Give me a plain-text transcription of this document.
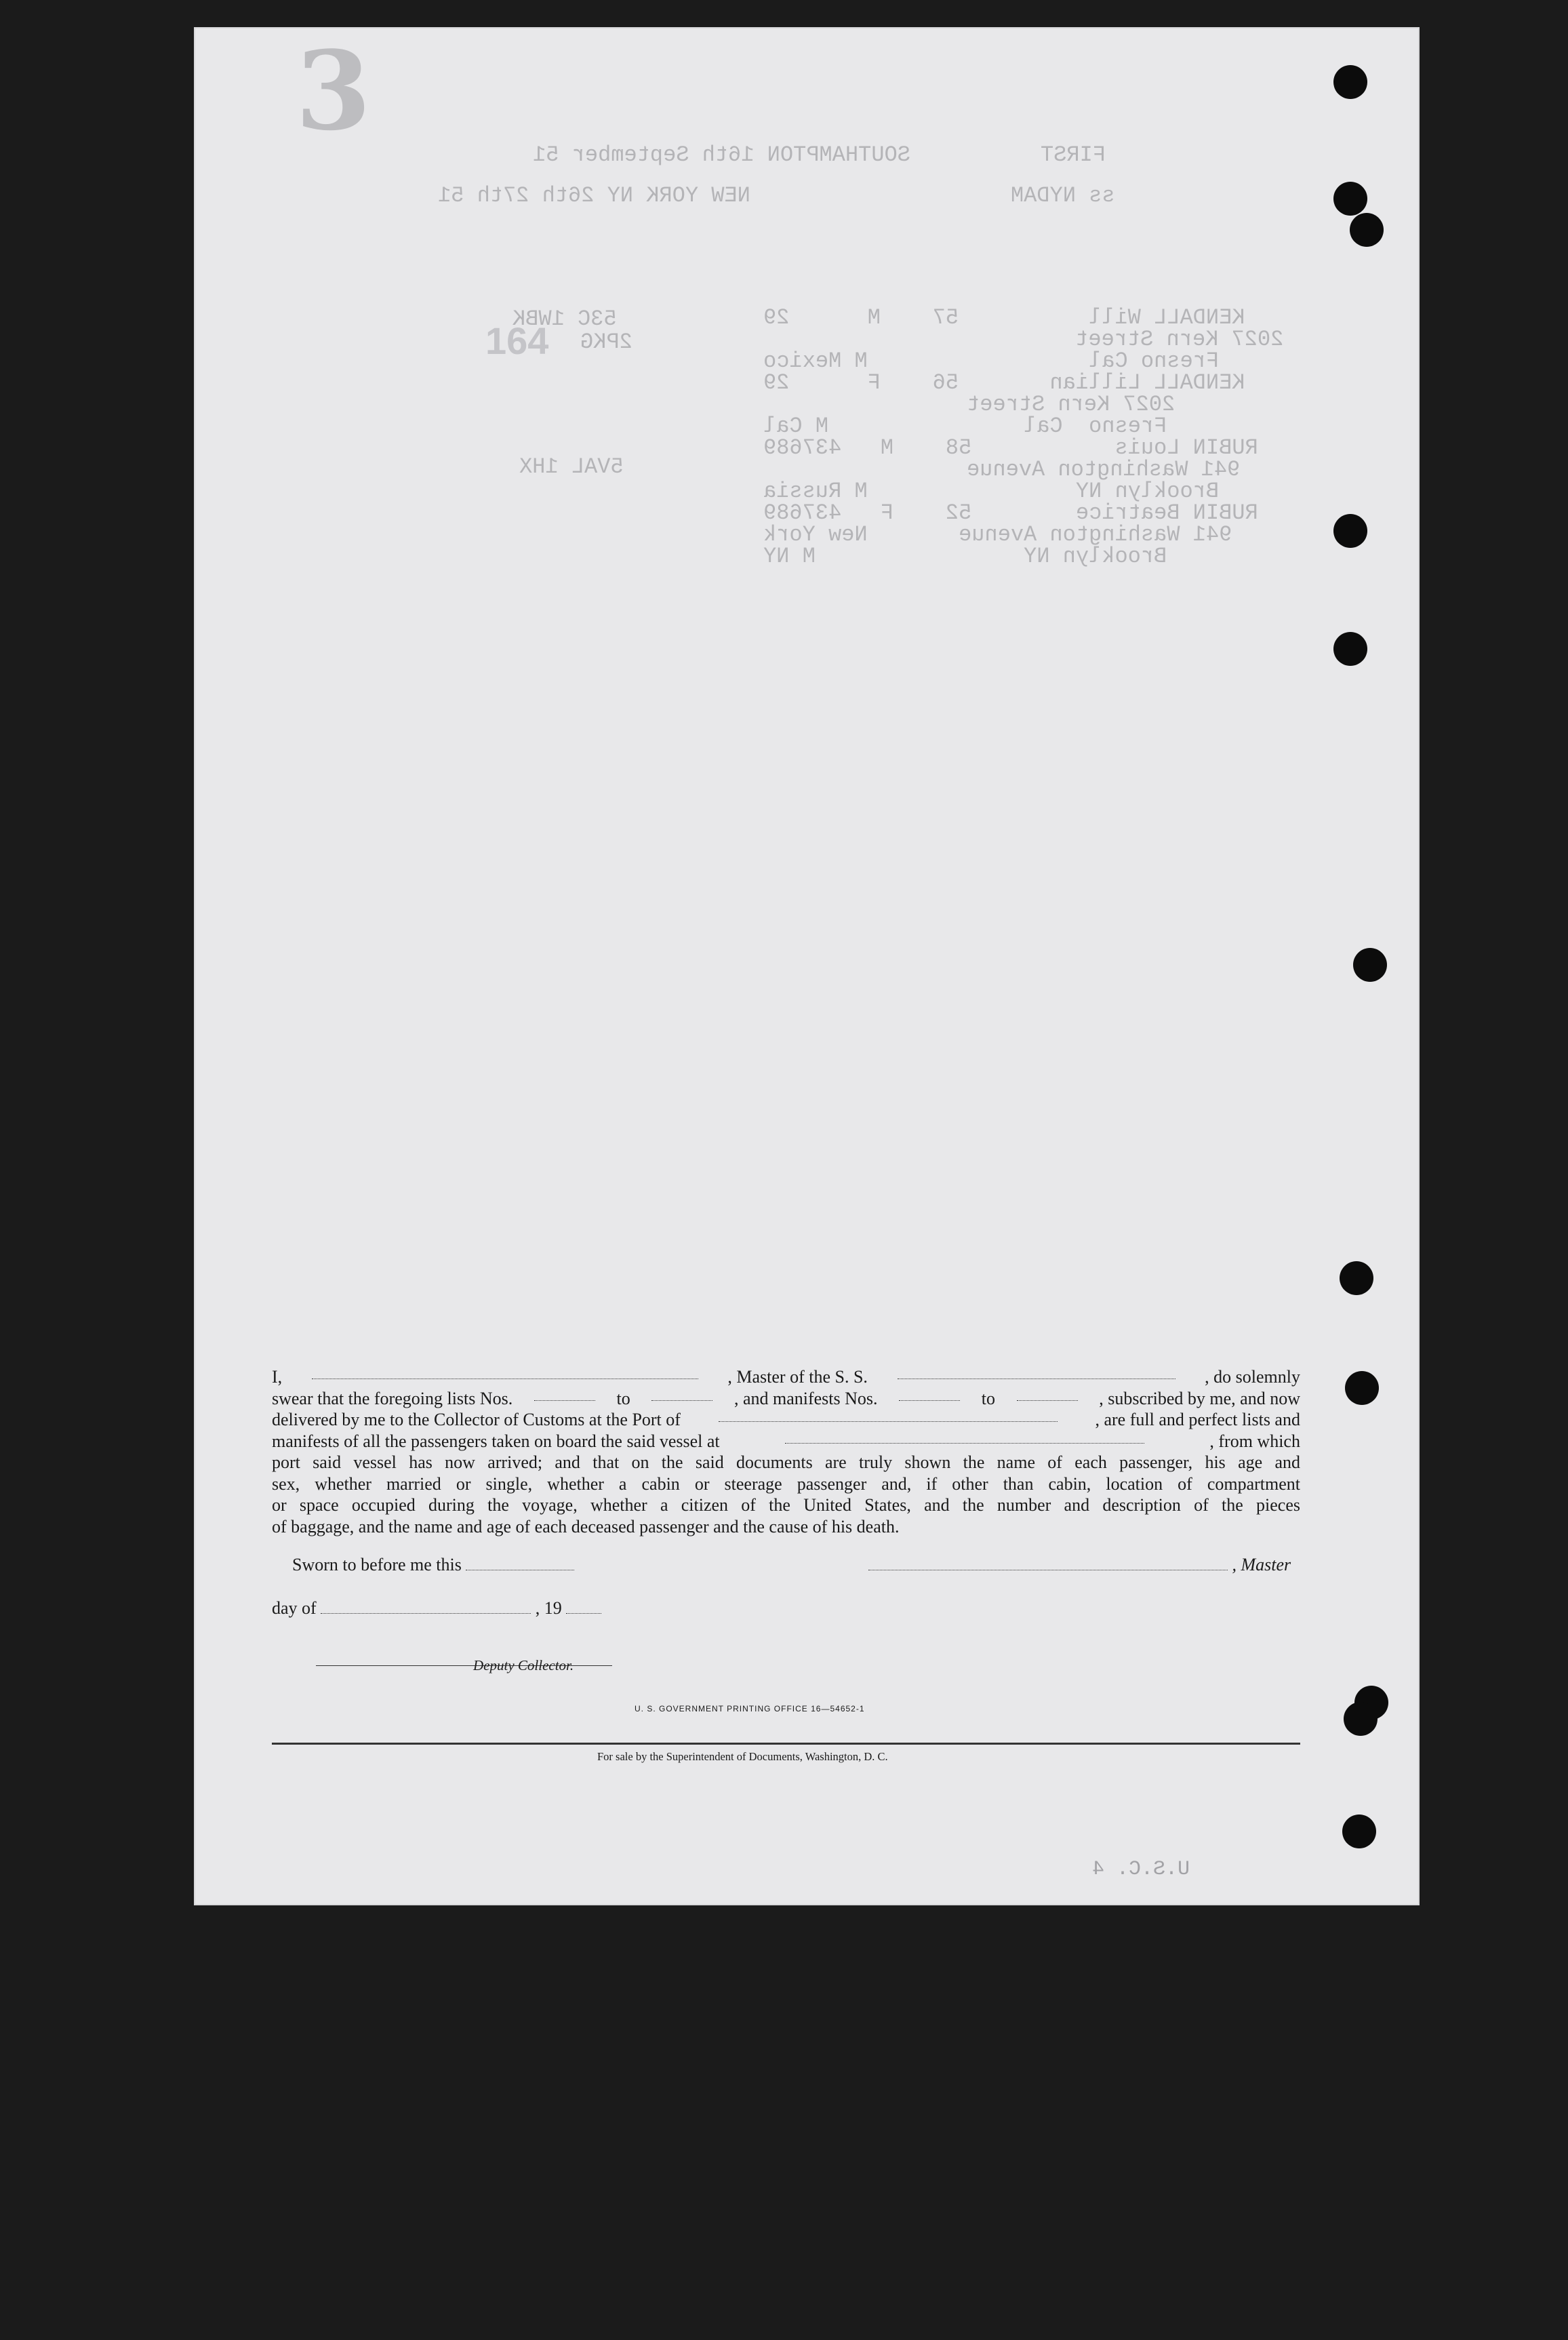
3
FIRST          SOUTHAMPTON 16th September 51
ss NYDAM                    NEW YORK NY 26th 27th 51
164
KENDALL Will          57    M      29
2027 Kern Street
Fresno Cal                 M Mexico
KENDALL Lillian       56    F      29
2027 Kern Street
Fresno  Cal               M Cal
RUBIN Louis           58    M   437689
941 Washington Avenue
Brooklyn NY                M Russia
RUBIN Beatrice        52    F   437689
941 Washington Avenue       New York
Brooklyn NY                M NY
53C 1WBK
2PKG
5VAL 1HX

I,	, Master of the S. S.	, do solemnly

swear that the foregoing lists Nos.	to	, and manifests Nos.	to	, subscribed by me, and now

delivered by me to the Collector of Customs at the Port of	, are full and perfect lists and

manifests of all the passengers taken on board the said vessel at	, from which

port said vessel has now arrived; and that on the said documents are truly shown the name of each passenger, his age and

sex, whether married or single, whether a cabin or steerage passenger and, if other than cabin, location of compartment

or space occupied during the voyage, whether a citizen of the United States, and the number and description of the pieces

of baggage, and the name and age of each deceased passenger and the cause of his death.

Sworn to before me this	, Master
day of	, 19
Deputy Collector.
U. S. GOVERNMENT PRINTING OFFICE 16—54652-1
For sale by the Superintendent of Documents, Washington, D. C.
U.S.C. 4
